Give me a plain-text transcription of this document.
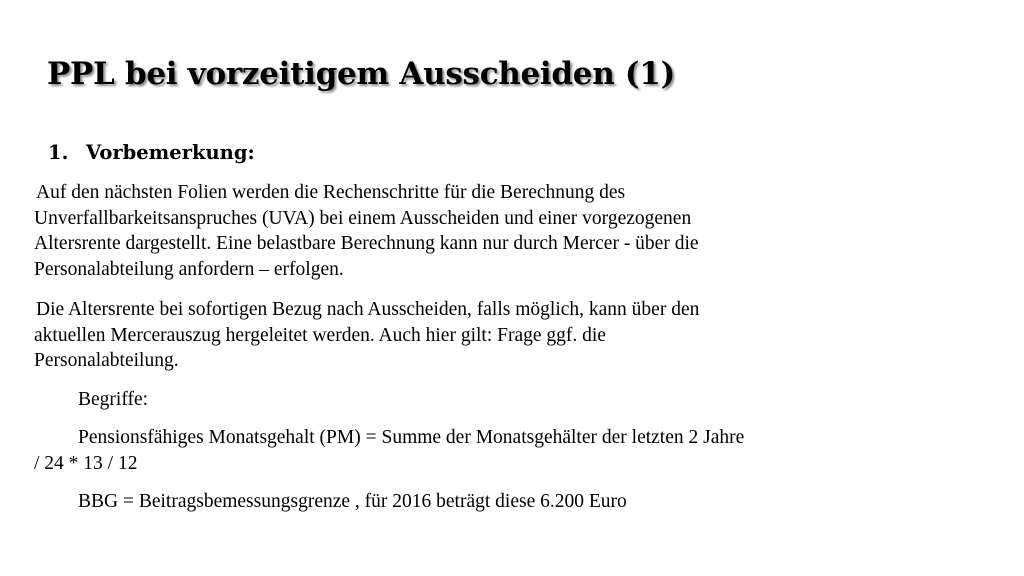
PPL bei vorzeitigem Ausscheiden (1)
1. Vorbemerkung:
Auf den nächsten Folien werden die Rechenschritte für die Berechnung des
Unverfallbarkeitsanspruches (UVA) bei einem Ausscheiden und einer vorgezogenen
Altersrente dargestellt. Eine belastbare Berechnung kann nur durch Mercer - über die
Personalabteilung anfordern – erfolgen.
Die Altersrente bei sofortigen Bezug nach Ausscheiden, falls möglich, kann über den
aktuellen Mercerauszug hergeleitet werden. Auch hier gilt: Frage ggf. die
Personalabteilung.
Begriffe:
Pensionsfähiges Monatsgehalt (PM) = Summe der Monatsgehälter der letzten 2 Jahre
/ 24 * 13 / 12
BBG = Beitragsbemessungsgrenze , für 2016 beträgt diese 6.200 Euro
